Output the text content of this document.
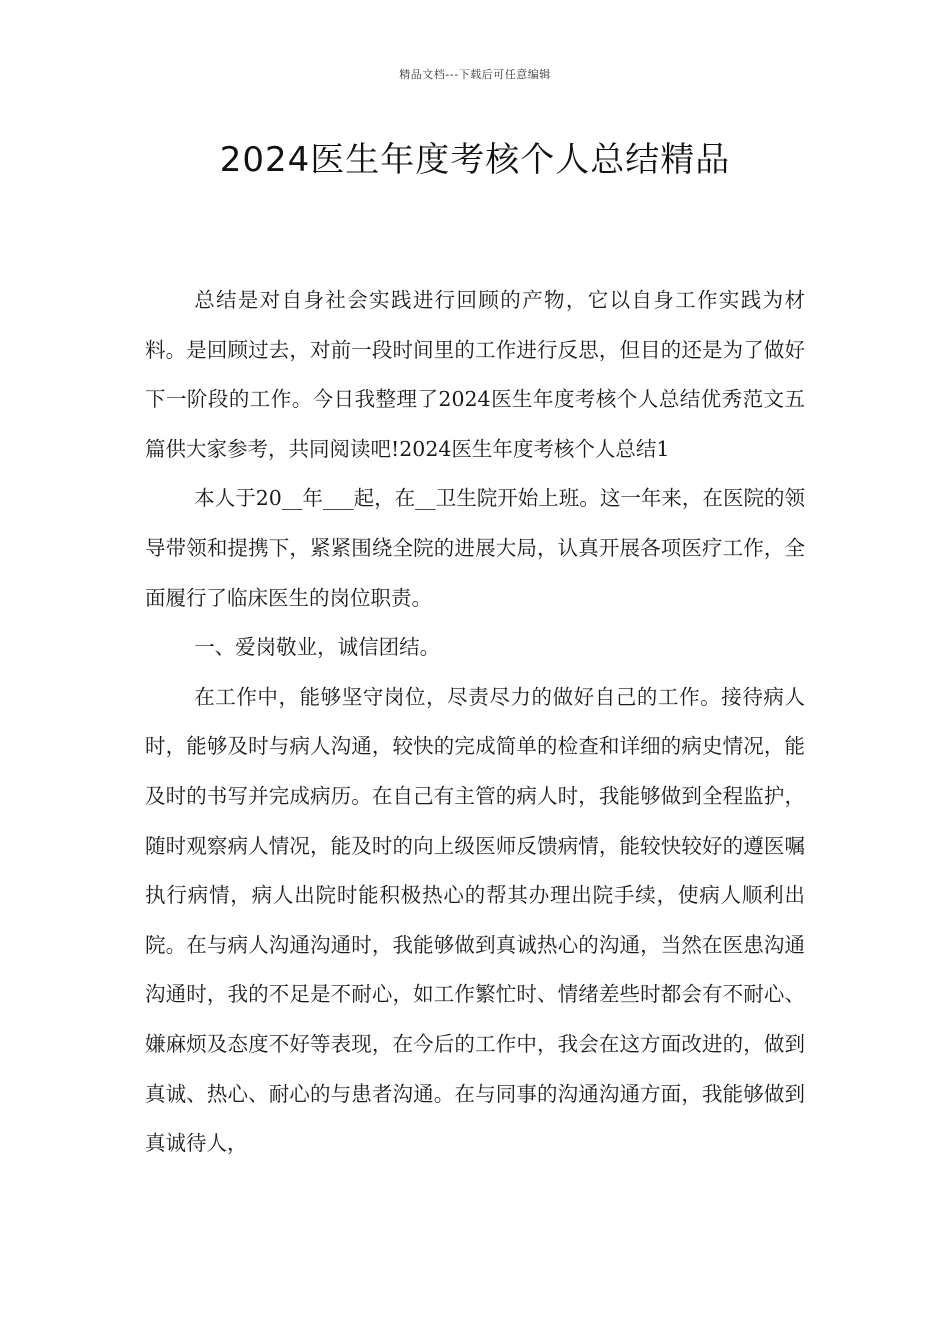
精品文档---下载后可任意编辑
2024医生年度考核个人总结精品

总结是对自身社会实践进行回顾的产物，它以自身工作实践为材料。是回顾过去，对前一段时间里的工作进行反思，但目的还是为了做好下一阶段的工作。今日我整理了2024医生年度考核个人总结优秀范文五篇供大家参考，共同阅读吧!2024医生年度考核个人总结1

本人于20__年___起，在__卫生院开始上班。这一年来，在医院的领导带领和提携下，紧紧围绕全院的进展大局，认真开展各项医疗工作，全面履行了临床医生的岗位职责。

一、爱岗敬业，诚信团结。

在工作中，能够坚守岗位，尽责尽力的做好自己的工作。接待病人时，能够及时与病人沟通，较快的完成简单的检查和详细的病史情况，能及时的书写并完成病历。在自己有主管的病人时，我能够做到全程监护，随时观察病人情况，能及时的向上级医师反馈病情，能较快较好的遵医嘱执行病情，病人出院时能积极热心的帮其办理出院手续，使病人顺利出院。在与病人沟通沟通时，我能够做到真诚热心的沟通，当然在医患沟通沟通时，我的不足是不耐心，如工作繁忙时、情绪差些时都会有不耐心、嫌麻烦及态度不好等表现，在今后的工作中，我会在这方面改进的，做到真诚、热心、耐心的与患者沟通。在与同事的沟通沟通方面，我能够做到真诚待人，
